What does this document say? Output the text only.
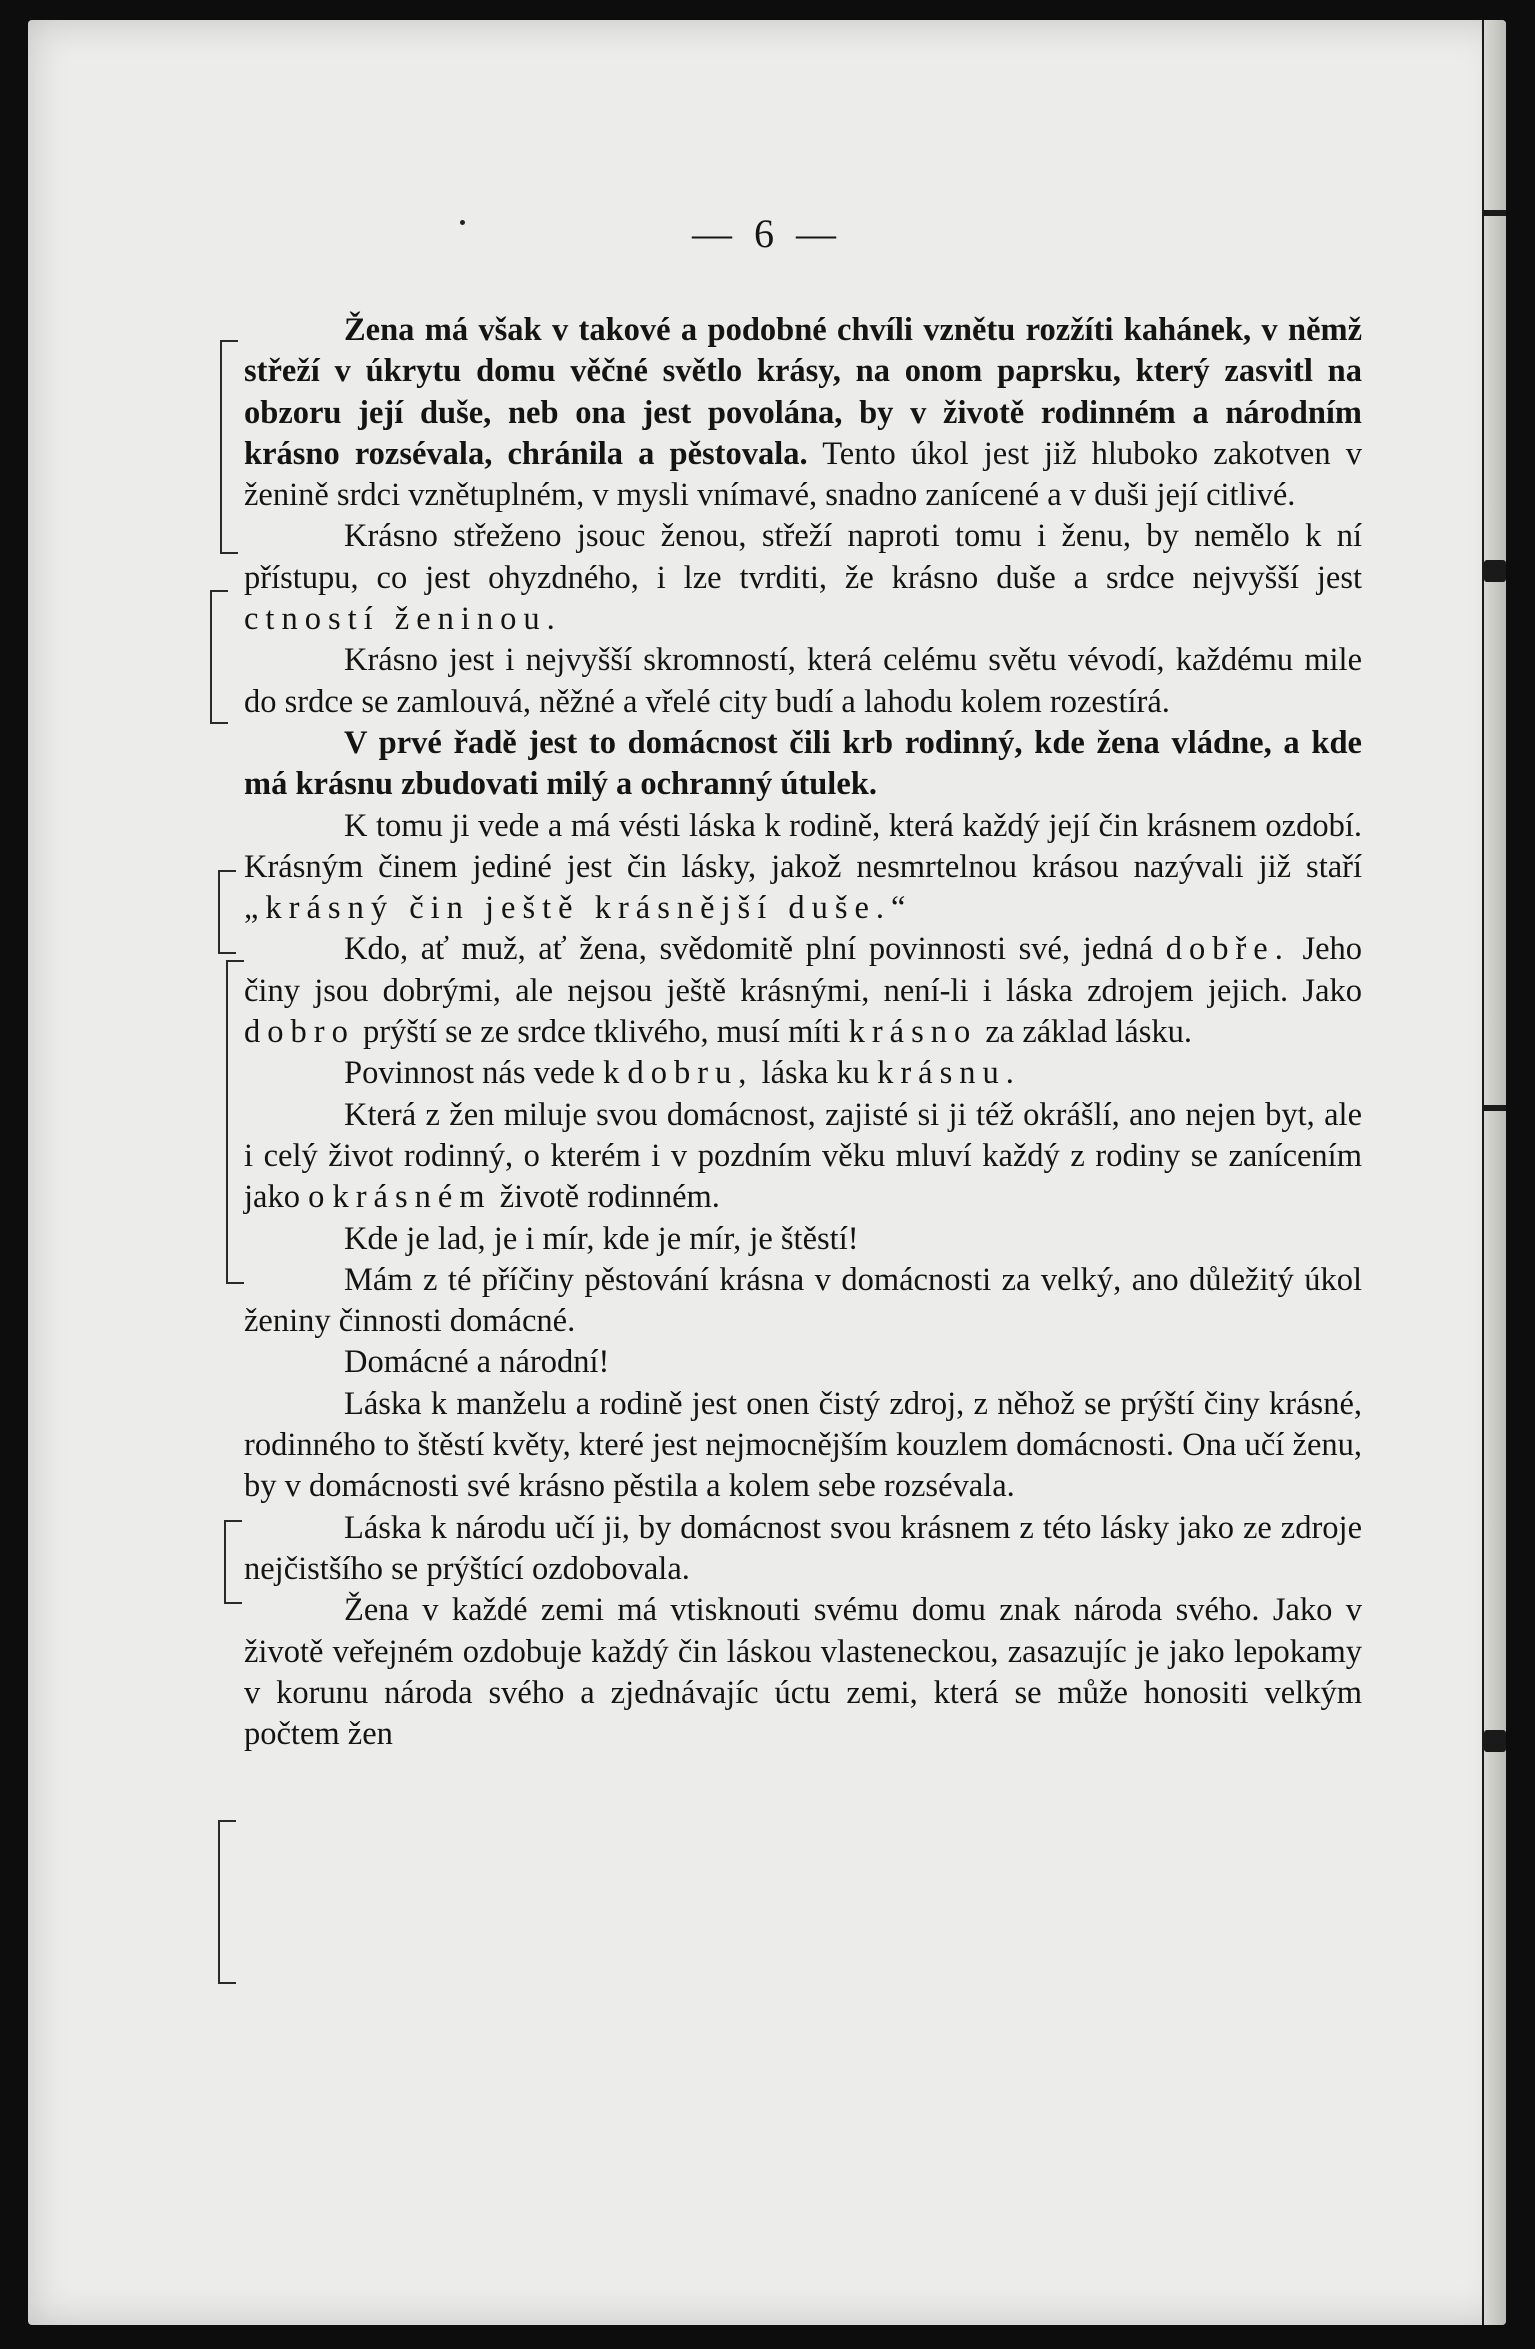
— 6 —

Žena má však v takové a podobné chvíli vznětu rozžíti kahánek, v němž střeží v úkrytu domu věčné světlo krásy, na onom paprsku, který zasvitl na obzoru její duše, neb ona jest povolána, by v životě rodinném a národním krásno rozsévala, chránila a pěstovala. Tento úkol jest již hluboko zakotven v ženině srdci vznětuplném, v mysli vnímavé, snadno zanícené a v duši její citlivé.

Krásno střeženo jsouc ženou, střeží naproti tomu i ženu, by nemělo k ní přístupu, co jest ohyzdného, i lze tvrditi, že krásno duše a srdce nejvyšší jest ctností ženinou.

Krásno jest i nejvyšší skromností, která celému světu vévodí, každému mile do srdce se zamlouvá, něžné a vřelé city budí a lahodu kolem rozestírá.

V prvé řadě jest to domácnost čili krb rodinný, kde žena vládne, a kde má krásnu zbudovati milý a ochranný útulek.

K tomu ji vede a má vésti láska k rodině, která každý její čin krásnem ozdobí. Krásným činem jediné jest čin lásky, jakož nesmrtelnou krásou nazývali již staří „krásný čin ještě krásnější duše.“

Kdo, ať muž, ať žena, svědomitě plní povinnosti své, jedná dobře. Jeho činy jsou dobrými, ale nejsou ještě krásnými, není-li i láska zdrojem jejich. Jako dobro prýští se ze srdce tklivého, musí míti krásno za základ lásku.

Povinnost nás vede k dobru, láska ku krásnu.

Která z žen miluje svou domácnost, zajisté si ji též okrášlí, ano nejen byt, ale i celý život rodinný, o kterém i v pozdním věku mluví každý z rodiny se zanícením jako o krásném životě rodinném.

Kde je lad, je i mír, kde je mír, je štěstí!

Mám z té příčiny pěstování krásna v domácnosti za velký, ano důležitý úkol ženiny činnosti domácné.

Domácné a národní!

Láska k manželu a rodině jest onen čistý zdroj, z něhož se prýští činy krásné, rodinného to štěstí květy, které jest nejmocnějším kouzlem domácnosti. Ona učí ženu, by v domácnosti své krásno pěstila a kolem sebe rozsévala.

Láska k národu učí ji, by domácnost svou krásnem z této lásky jako ze zdroje nejčistšího se prýštící ozdobovala.

Žena v každé zemi má vtisknouti svému domu znak národa svého. Jako v životě veřejném ozdobuje každý čin láskou vlasteneckou, zasazujíc je jako lepokamy v korunu národa svého a zjednávajíc úctu zemi, která se může honositi velkým počtem žen
